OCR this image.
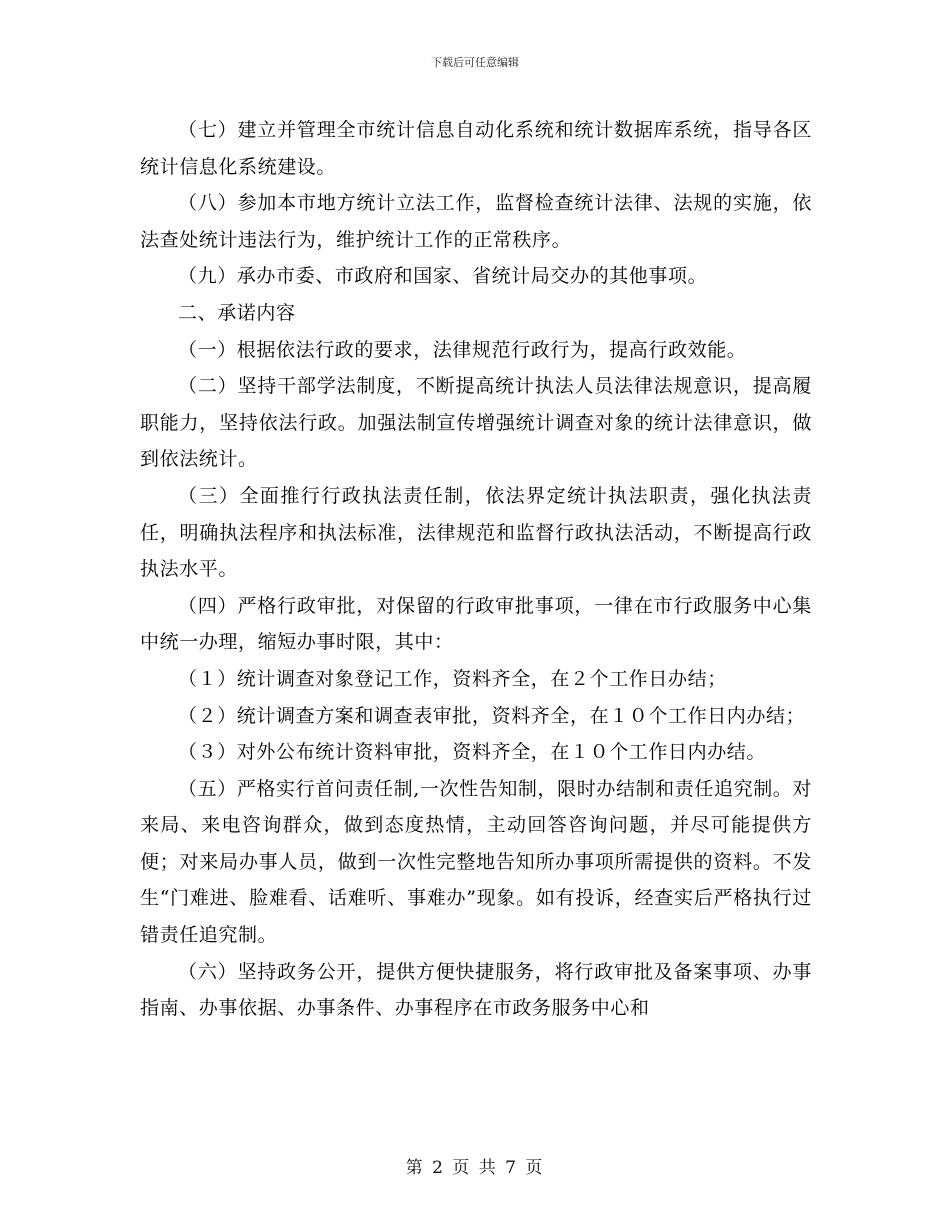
下载后可任意编辑

（七）建立并管理全市统计信息自动化系统和统计数据库系统，指导各区统计信息化系统建设。

（八）参加本市地方统计立法工作，监督检查统计法律、法规的实施，依法查处统计违法行为，维护统计工作的正常秩序。

（九）承办市委、市政府和国家、省统计局交办的其他事项。

二、承诺内容

（一）根据依法行政的要求，法律规范行政行为，提高行政效能。

（二）坚持干部学法制度，不断提高统计执法人员法律法规意识，提高履职能力，坚持依法行政。加强法制宣传增强统计调查对象的统计法律意识，做到依法统计。

（三）全面推行行政执法责任制，依法界定统计执法职责，强化执法责任，明确执法程序和执法标准，法律规范和监督行政执法活动，不断提高行政执法水平。

（四）严格行政审批，对保留的行政审批事项，一律在市行政服务中心集中统一办理，缩短办事时限，其中：

（１）统计调查对象登记工作，资料齐全，在２个工作日办结；

（２）统计调查方案和调查表审批，资料齐全，在１０个工作日内办结；

（３）对外公布统计资料审批，资料齐全，在１０个工作日内办结。

（五）严格实行首问责任制,一次性告知制，限时办结制和责任追究制。对来局、来电咨询群众，做到态度热情，主动回答咨询问题，并尽可能提供方便；对来局办事人员，做到一次性完整地告知所办事项所需提供的资料。不发生“门难进、脸难看、话难听、事难办”现象。如有投诉，经查实后严格执行过错责任追究制。

（六）坚持政务公开，提供方便快捷服务，将行政审批及备案事项、办事指南、办事依据、办事条件、办事程序在市政务服务中心和

第 2 页 共 7 页
